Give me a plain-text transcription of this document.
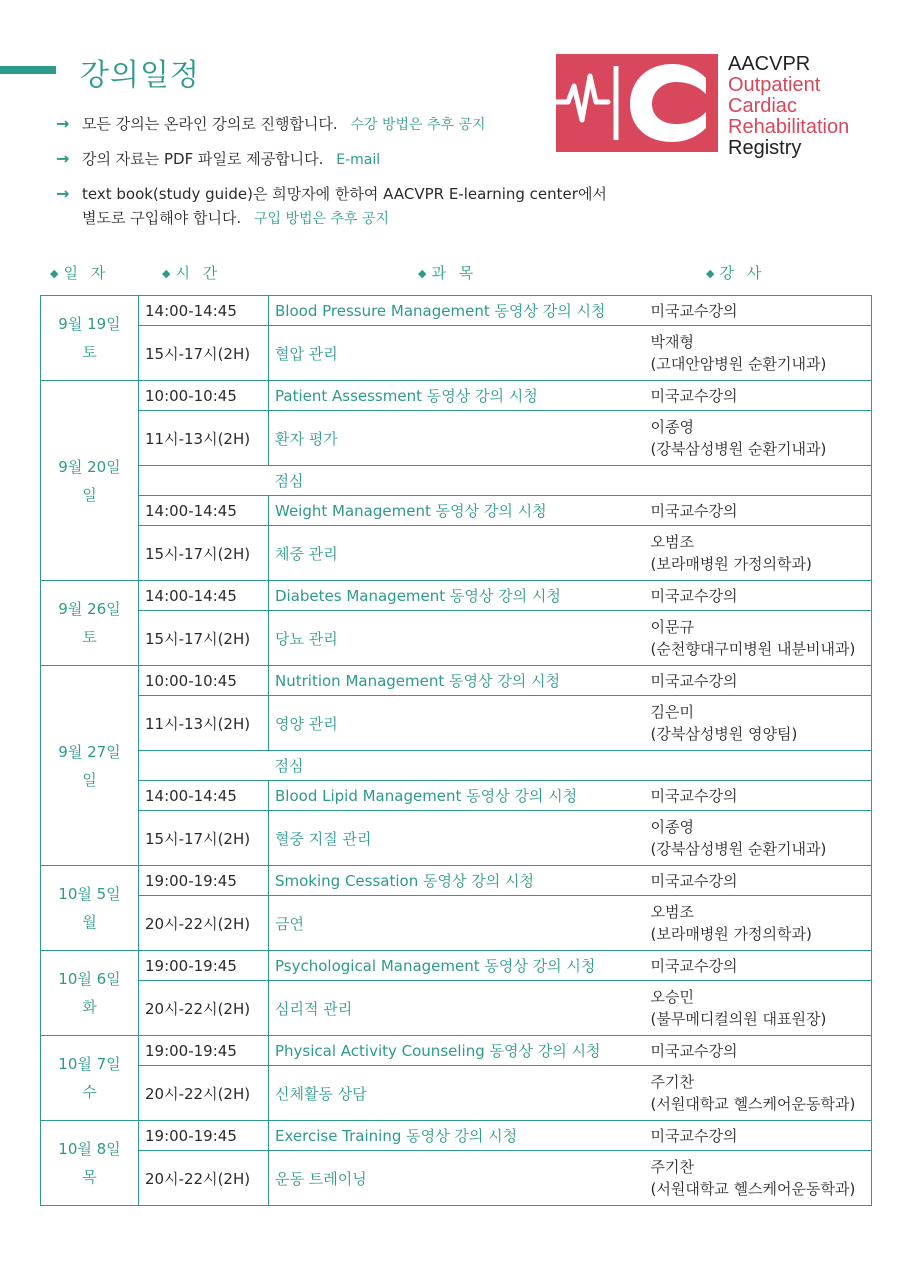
강의일정
→ 모든 강의는 온라인 강의로 진행합니다. 수강 방법은 추후 공지
→ 강의 자료는 PDF 파일로 제공합니다. E-mail
→ text book(study guide)은 희망자에 한하여 AACVPR E-learning center에서
별도로 구입해야 합니다. 구입 방법은 추후 공지
AACVPR
Outpatient
Cardiac
Rehabilitation
Registry
◆ 일 자	◆ 시 간	◆ 과 목	◆ 강 사
9월 19일
토	14:00-14:45	Blood Pressure Management 동영상 강의 시청	미국교수강의

	15시-17시(2H)	혈압 관리	박재형
(고대안암병원 순환기내과)

9월 20일
일	10:00-10:45	Patient Assessment 동영상 강의 시청	미국교수강의

	11시-13시(2H)	환자 평가	이종영
(강북삼성병원 순환기내과)

		점심	
	14:00-14:45	Weight Management 동영상 강의 시청	미국교수강의

	15시-17시(2H)	체중 관리	오범조
(보라매병원 가정의학과)

9월 26일
토	14:00-14:45	Diabetes Management 동영상 강의 시청	미국교수강의

	15시-17시(2H)	당뇨 관리	이문규
(순천향대구미병원 내분비내과)

9월 27일
일	10:00-10:45	Nutrition Management 동영상 강의 시청	미국교수강의

	11시-13시(2H)	영양 관리	김은미
(강북삼성병원 영양팀)

		점심	
	14:00-14:45	Blood Lipid Management 동영상 강의 시청	미국교수강의

	15시-17시(2H)	혈중 지질 관리	이종영
(강북삼성병원 순환기내과)

10월 5일
월	19:00-19:45	Smoking Cessation 동영상 강의 시청	미국교수강의

	20시-22시(2H)	금연	오범조
(보라매병원 가정의학과)

10월 6일
화	19:00-19:45	Psychological Management 동영상 강의 시청	미국교수강의

	20시-22시(2H)	심리적 관리	오승민
(불무메디컬의원 대표원장)

10월 7일
수	19:00-19:45	Physical Activity Counseling 동영상 강의 시청	미국교수강의

	20시-22시(2H)	신체활동 상담	주기찬
(서원대학교 헬스케어운동학과)

10월 8일
목	19:00-19:45	Exercise Training 동영상 강의 시청	미국교수강의

	20시-22시(2H)	운동 트레이닝	주기찬
(서원대학교 헬스케어운동학과)
